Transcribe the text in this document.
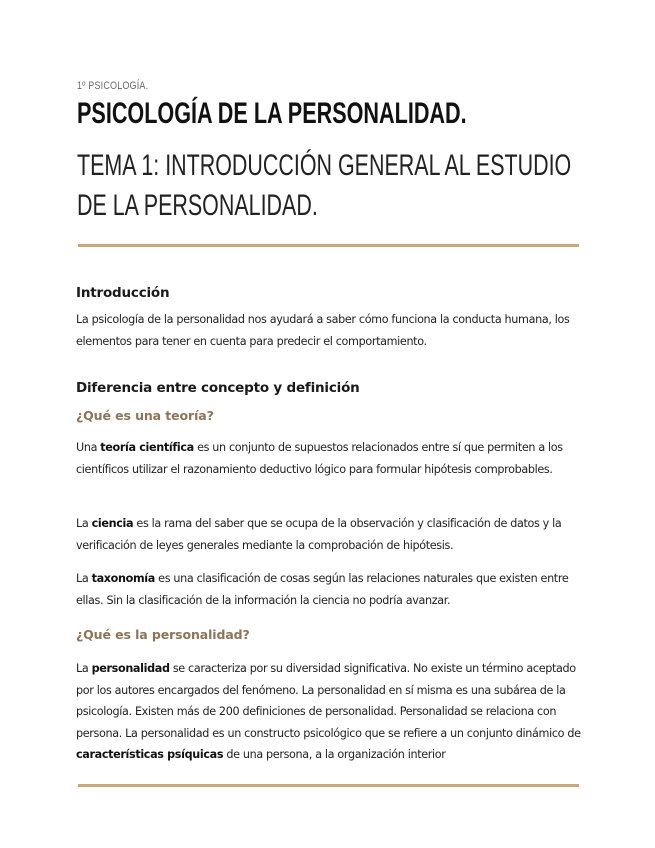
1º PSICOLOGÍA.
PSICOLOGÍA DE LA PERSONALIDAD.
TEMA 1: INTRODUCCIÓN GENERAL AL ESTUDIO DE LA PERSONALIDAD.
Introducción
La psicología de la personalidad nos ayudará a saber cómo funciona la conducta humana, los elementos para tener en cuenta para predecir el comportamiento.
Diferencia entre concepto y definición
¿Qué es una teoría?
Una teoría científica es un conjunto de supuestos relacionados entre sí que permiten a los científicos utilizar el razonamiento deductivo lógico para formular hipótesis comprobables.
La ciencia es la rama del saber que se ocupa de la observación y clasificación de datos y la verificación de leyes generales mediante la comprobación de hipótesis.
La taxonomía es una clasificación de cosas según las relaciones naturales que existen entre ellas. Sin la clasificación de la información la ciencia no podría avanzar.
¿Qué es la personalidad?
La personalidad se caracteriza por su diversidad significativa. No existe un término aceptado por los autores encargados del fenómeno. La personalidad en sí misma es una subárea de la psicología. Existen más de 200 definiciones de personalidad. Personalidad se relaciona con persona. La personalidad es un constructo psicológico que se refiere a un conjunto dinámico de características psíquicas de una persona, a la organización interior
